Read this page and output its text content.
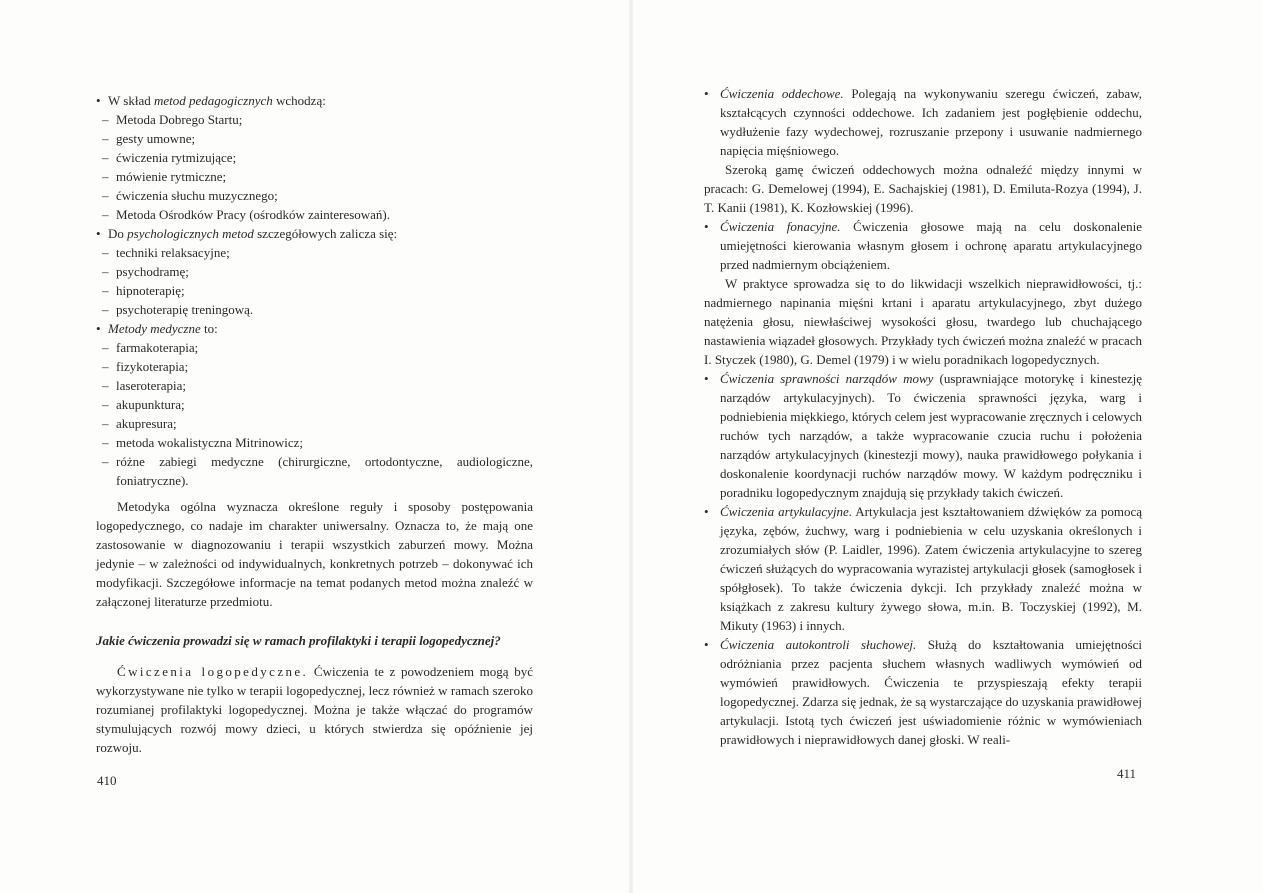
• W skład metod pedagogicznych wchodzą:
– Metoda Dobrego Startu;
– gesty umowne;
– ćwiczenia rytmizujące;
– mówienie rytmiczne;
– ćwiczenia słuchu muzycznego;
– Metoda Ośrodków Pracy (ośrodków zainteresowań).
• Do psychologicznych metod szczegółowych zalicza się:
– techniki relaksacyjne;
– psychodramę;
– hipnoterapię;
– psychoterapię treningową.
• Metody medyczne to:
– farmakoterapia;
– fizykoterapia;
– laseroterapia;
– akupunktura;
– akupresura;
– metoda wokalistyczna Mitrinowicz;
– różne zabiegi medyczne (chirurgiczne, ortodontyczne, audiologiczne, foniatryczne).

Metodyka ogólna wyznacza określone reguły i sposoby postępowania logopedycznego, co nadaje im charakter uniwersalny. Oznacza to, że mają one zastosowanie w diagnozowaniu i terapii wszystkich zaburzeń mowy. Można jedynie – w zależności od indywidualnych, konkretnych potrzeb – dokonywać ich modyfikacji. Szczegółowe informacje na temat podanych metod można znaleźć w załączonej literaturze przedmiotu.

Jakie ćwiczenia prowadzi się w ramach profilaktyki i terapii logopedycznej?

Ćwiczenia logopedyczne. Ćwiczenia te z powodzeniem mogą być wykorzystywane nie tylko w terapii logopedycznej, lecz również w ramach szeroko rozumianej profilaktyki logopedycznej. Można je także włączać do programów stymulujących rozwój mowy dzieci, u których stwierdza się opóźnienie jej rozwoju.

410
• Ćwiczenia oddechowe. Polegają na wykonywaniu szeregu ćwiczeń, zabaw, kształcących czynności oddechowe. Ich zadaniem jest pogłębienie oddechu, wydłużenie fazy wydechowej, rozruszanie przepony i usuwanie nadmiernego napięcia mięśniowego.

Szeroką gamę ćwiczeń oddechowych można odnaleźć między innymi w pracach: G. Demelowej (1994), E. Sachajskiej (1981), D. Emiluta-Rozya (1994), J. T. Kanii (1981), K. Kozłowskiej (1996).

• Ćwiczenia fonacyjne. Ćwiczenia głosowe mają na celu doskonalenie umiejętności kierowania własnym głosem i ochronę aparatu artykulacyjnego przed nadmiernym obciążeniem.

W praktyce sprowadza się to do likwidacji wszelkich nieprawidłowości, tj.: nadmiernego napinania mięśni krtani i aparatu artykulacyjnego, zbyt dużego natężenia głosu, niewłaściwej wysokości głosu, twardego lub chuchającego nastawienia wiązadeł głosowych. Przykłady tych ćwiczeń można znaleźć w pracach I. Styczek (1980), G. Demel (1979) i w wielu poradnikach logopedycznych.

• Ćwiczenia sprawności narządów mowy (usprawniające motorykę i kinestezję narządów artykulacyjnych). To ćwiczenia sprawności języka, warg i podniebienia miękkiego, których celem jest wypracowanie zręcznych i celowych ruchów tych narządów, a także wypracowanie czucia ruchu i położenia narządów artykulacyjnych (kinestezji mowy), nauka prawidłowego połykania i doskonalenie koordynacji ruchów narządów mowy. W każdym podręczniku i poradniku logopedycznym znajdują się przykłady takich ćwiczeń.
• Ćwiczenia artykulacyjne. Artykulacja jest kształtowaniem dźwięków za pomocą języka, zębów, żuchwy, warg i podniebienia w celu uzyskania określonych i zrozumiałych słów (P. Laidler, 1996). Zatem ćwiczenia artykulacyjne to szereg ćwiczeń służących do wypracowania wyrazistej artykulacji głosek (samogłosek i spółgłosek). To także ćwiczenia dykcji. Ich przykłady znaleźć można w książkach z zakresu kultury żywego słowa, m.in. B. Toczyskiej (1992), M. Mikuty (1963) i innych.
• Ćwiczenia autokontroli słuchowej. Służą do kształtowania umiejętności odróżniania przez pacjenta słuchem własnych wadliwych wymówień od wymówień prawidłowych. Ćwiczenia te przyspieszają efekty terapii logopedycznej. Zdarza się jednak, że są wystarczające do uzyskania prawidłowej artykulacji. Istotą tych ćwiczeń jest uświadomienie różnic w wymówieniach prawidłowych i nieprawidłowych danej głoski. W reali-
411
